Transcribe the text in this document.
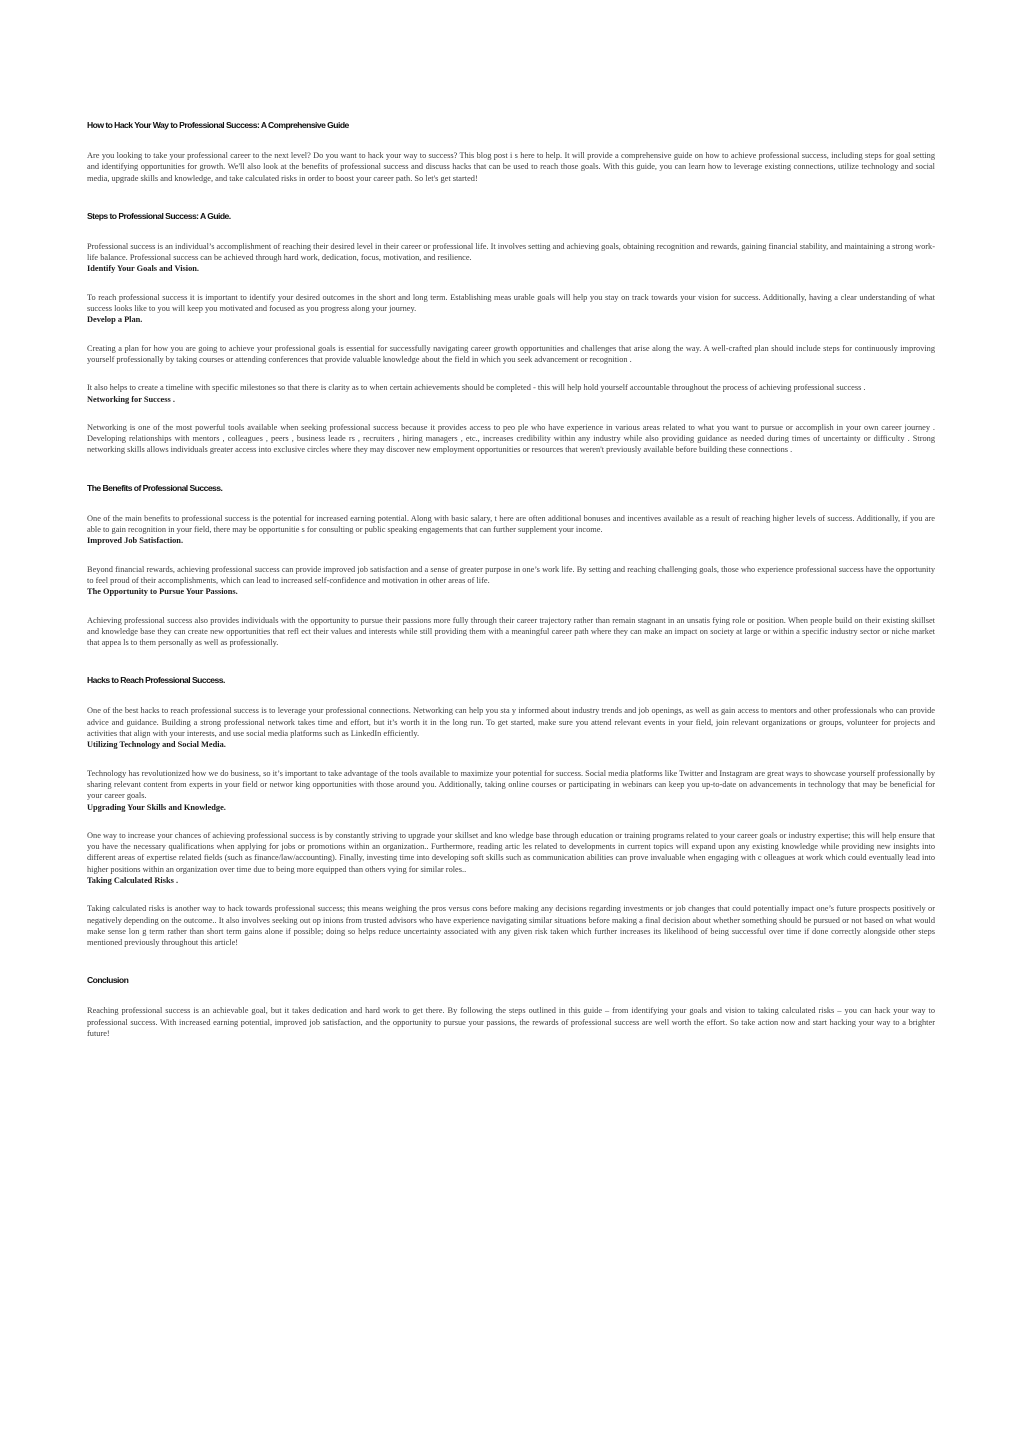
How to Hack Your Way to Professional Success: A Comprehensive Guide

Are you looking to take your professional career to the next level? Do you want to hack your way to success? This blog post i s here to help. It will provide a comprehensive guide on how to achieve professional success, including steps for goal setting and identifying opportunities for growth. We'll also look at the benefits of professional success and discuss hacks that can be used to reach those goals. With this guide, you can learn how to leverage existing connections, utilize technology and social media, upgrade skills and knowledge, and take calculated risks in order to boost your career path. So let's get started!

Steps to Professional Success: A Guide.

Professional success is an individual’s accomplishment of reaching their desired level in their career or professional life. It involves setting and achieving goals, obtaining recognition and rewards, gaining financial stability, and maintaining a strong work-life balance. Professional success can be achieved through hard work, dedication, focus, motivation, and resilience.

Identify Your Goals and Vision.

To reach professional success it is important to identify your desired outcomes in the short and long term. Establishing meas urable goals will help you stay on track towards your vision for success. Additionally, having a clear understanding of what success looks like to you will keep you motivated and focused as you progress along your journey.

Develop a Plan.

Creating a plan for how you are going to achieve your professional goals is essential for successfully navigating career growth opportunities and challenges that arise along the way. A well-crafted plan should include steps for continuously improving yourself professionally by taking courses or attending conferences that provide valuable knowledge about the field in which you seek advancement or recognition .

It also helps to create a timeline with specific milestones so that there is clarity as to when certain achievements should be completed - this will help hold yourself accountable throughout the process of achieving professional success .

Networking for Success .

Networking is one of the most powerful tools available when seeking professional success because it provides access to peo ple who have experience in various areas related to what you want to pursue or accomplish in your own career journey . Developing relationships with mentors , colleagues , peers , business leade rs , recruiters , hiring managers , etc., increases credibility within any industry while also providing guidance as needed during times of uncertainty or difficulty . Strong networking skills allows individuals greater access into exclusive circles where they may discover new employment opportunities or resources that weren't previously available before building these connections .

The Benefits of Professional Success.

One of the main benefits to professional success is the potential for increased earning potential. Along with basic salary, t here are often additional bonuses and incentives available as a result of reaching higher levels of success. Additionally, if you are able to gain recognition in your field, there may be opportunitie s for consulting or public speaking engagements that can further supplement your income.

Improved Job Satisfaction.

Beyond financial rewards, achieving professional success can provide improved job satisfaction and a sense of greater purpose in one’s work life. By setting and reaching challenging goals, those who experience professional success have the opportunity to feel proud of their accomplishments, which can lead to increased self-confidence and motivation in other areas of life.

The Opportunity to Pursue Your Passions.

Achieving professional success also provides individuals with the opportunity to pursue their passions more fully through their career trajectory rather than remain stagnant in an unsatis fying role or position. When people build on their existing skillset and knowledge base they can create new opportunities that refl ect their values and interests while still providing them with a meaningful career path where they can make an impact on society at large or within a specific industry sector or niche market that appea ls to them personally as well as professionally.

Hacks to Reach Professional Success.

One of the best hacks to reach professional success is to leverage your professional connections. Networking can help you sta y informed about industry trends and job openings, as well as gain access to mentors and other professionals who can provide advice and guidance. Building a strong professional network takes time and effort, but it’s worth it in the long run. To get started, make sure you attend relevant events in your field, join relevant organizations or groups, volunteer for projects and activities that align with your interests, and use social media platforms such as LinkedIn efficiently.

Utilizing Technology and Social Media.

Technology has revolutionized how we do business, so it’s important to take advantage of the tools available to maximize your potential for success. Social media platforms like Twitter and Instagram are great ways to showcase yourself professionally by sharing relevant content from experts in your field or networ king opportunities with those around you. Additionally, taking online courses or participating in webinars can keep you up-to-date on advancements in technology that may be beneficial for your career goals.

Upgrading Your Skills and Knowledge.

One way to increase your chances of achieving professional success is by constantly striving to upgrade your skillset and kno wledge base through education or training programs related to your career goals or industry expertise; this will help ensure that you have the necessary qualifications when applying for jobs or promotions within an organization.. Furthermore, reading artic les related to developments in current topics will expand upon any existing knowledge while providing new insights into different areas of expertise related fields (such as finance/law/accounting). Finally, investing time into developing soft skills such as communication abilities can prove invaluable when engaging with c olleagues at work which could eventually lead into higher positions within an organization over time due to being more equipped than others vying for similar roles..

Taking Calculated Risks .

Taking calculated risks is another way to hack towards professional success; this means weighing the pros versus cons before making any decisions regarding investments or job changes that could potentially impact one’s future prospects positively or negatively depending on the outcome.. It also involves seeking out op inions from trusted advisors who have experience navigating similar situations before making a final decision about whether something should be pursued or not based on what would make sense lon g term rather than short term gains alone if possible; doing so helps reduce uncertainty associated with any given risk taken which further increases its likelihood of being successful over time if done correctly alongside other steps mentioned previously throughout this article!

Conclusion

Reaching professional success is an achievable goal, but it takes dedication and hard work to get there. By following the steps outlined in this guide – from identifying your goals and vision to taking calculated risks – you can hack your way to professional success. With increased earning potential, improved job satisfaction, and the opportunity to pursue your passions, the rewards of professional success are well worth the effort. So take action now and start hacking your way to a brighter future!
